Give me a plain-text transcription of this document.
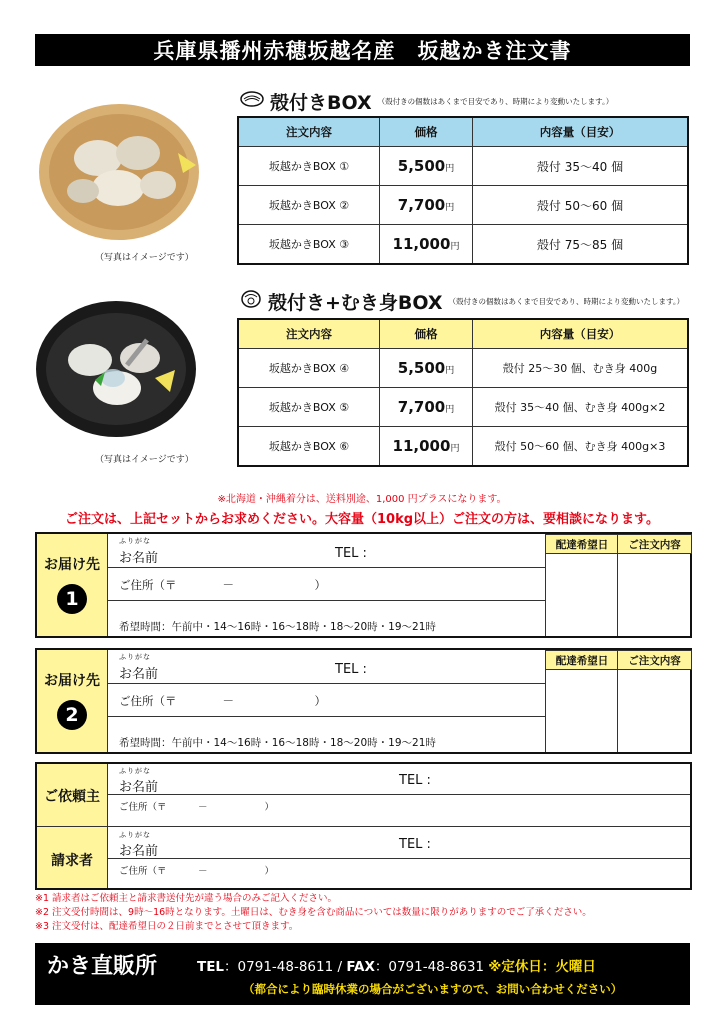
兵庫県播州赤穂坂越名産　坂越かき注文書
（写真はイメージです）
殻付きBOX （殻付きの個数はあくまで目安であり、時期により変動いたします。）
注文内容	価格	内容量（目安）
坂越かきBOX ①	5,500円	殻付 35〜40 個
坂越かきBOX ②	7,700円	殻付 50〜60 個
坂越かきBOX ③	11,000円	殻付 75〜85 個
（写真はイメージです）
殻付き+むき身BOX （殻付きの個数はあくまで目安であり、時期により変動いたします。）
注文内容	価格	内容量（目安）
坂越かきBOX ④	5,500円	殻付 25〜30 個、むき身 400g
坂越かきBOX ⑤	7,700円	殻付 35〜40 個、むき身 400g×2
坂越かきBOX ⑥	11,000円	殻付 50〜60 個、むき身 400g×3
※北海道・沖縄着分は、送料別途、1,000 円プラスになります。
ご注文は、上記セットからお求めください。大容量（10kg以上）ご注文の方は、要相談になります。
お届け先
1
ふりがな
お名前	TEL :
ご住所（〒　　　　－　　　　　　　）
希望時間：午前中・14〜16時・16〜18時・18〜20時・19〜21時
配達希望日	ご注文内容
お届け先
2
ふりがな
お名前	TEL :
ご住所（〒　　　　－　　　　　　　）
希望時間：午前中・14〜16時・16〜18時・18〜20時・19〜21時
配達希望日	ご注文内容
ご依頼主
請求者
ふりがな
お名前	TEL :
ご住所（〒　　　 －　　　　　　）
ふりがな
お名前	TEL :
ご住所（〒　　　 －　　　　　　）
※1 請求者はご依頼主と請求書送付先が違う場合のみご記入ください。
※2 注文受付時間は、9時〜16時となります。土曜日は、むき身を含む商品については数量に限りがありますのでご了承ください。
※3 注文受付は、配達希望日の２日前までとさせて頂きます。
かき直販所	TEL：0791-48-8611 / FAX：0791-48-8631 ※定休日：火曜日
（都合により臨時休業の場合がございますので、お問い合わせください）
